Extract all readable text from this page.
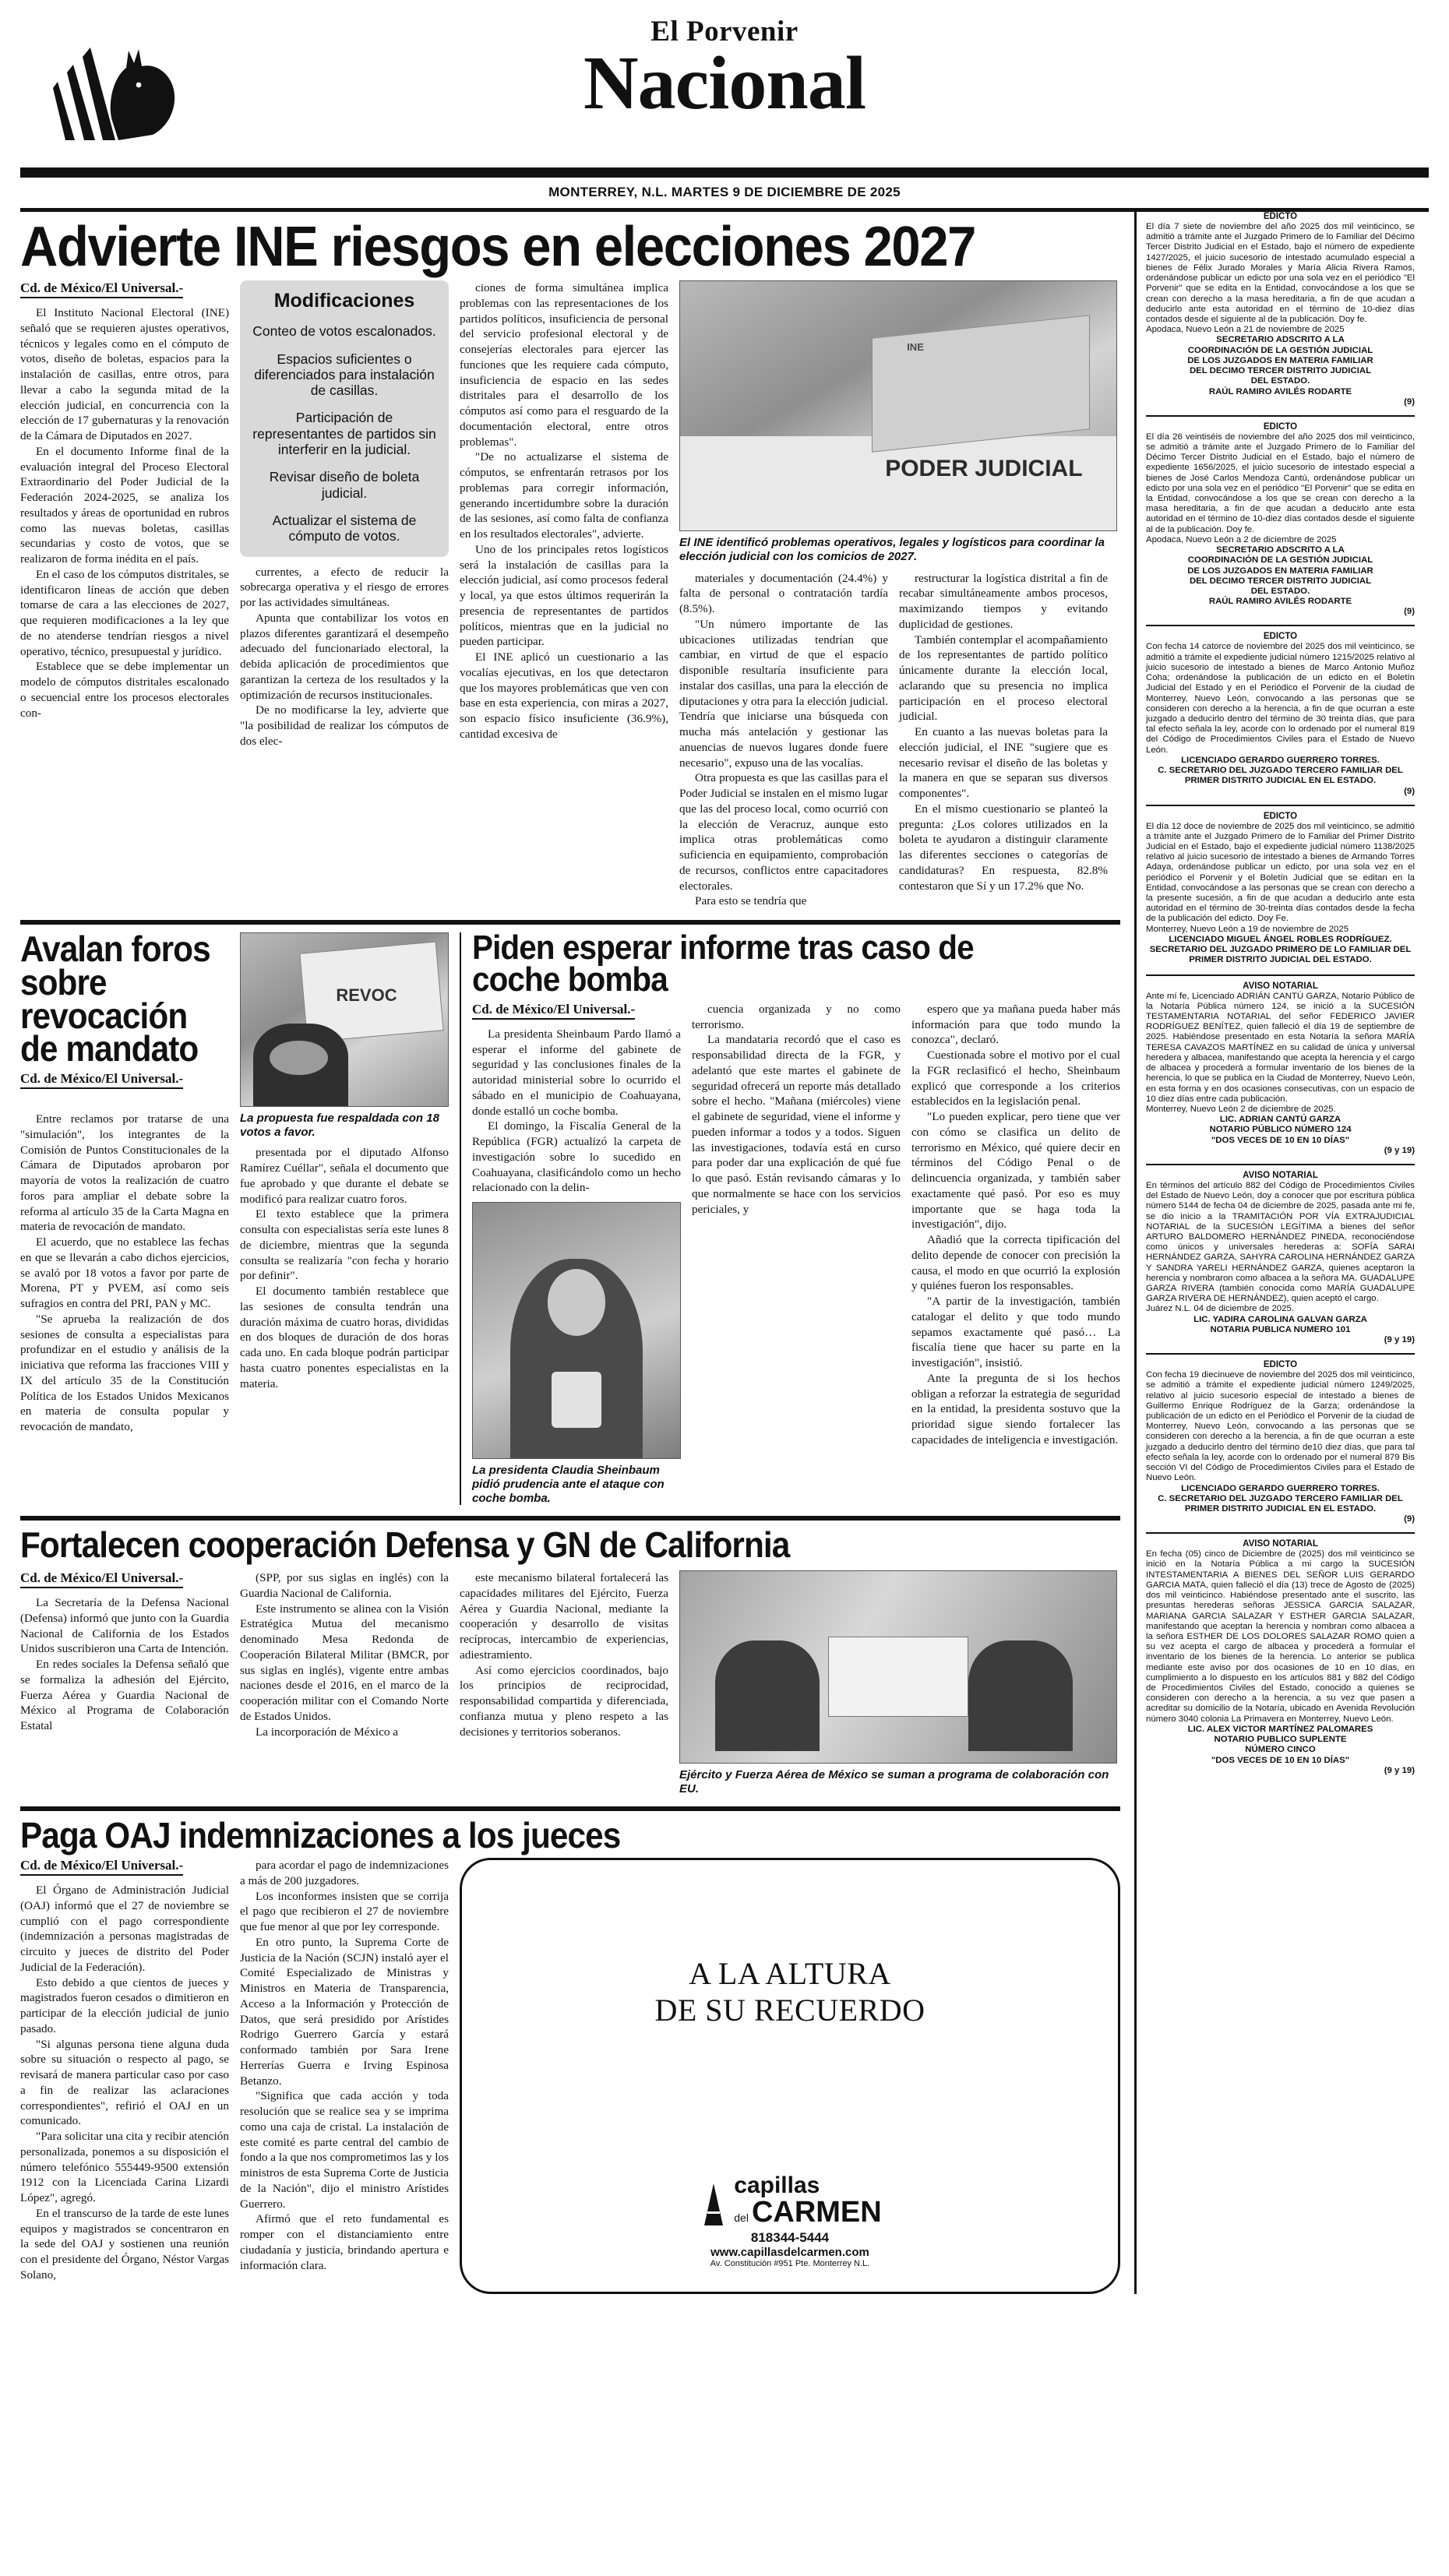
El Porvenir
Nacional
MONTERREY, N.L. MARTES 9 DE DICIEMBRE DE 2025
Advierte INE riesgos en elecciones 2027
Cd. de México/El Universal.-

El Instituto Nacional Electoral (INE) señaló que se requieren ajustes operativos, técnicos y legales como en el cómputo de votos, diseño de boletas, espacios para la instalación de casillas, entre otros, para llevar a cabo la segunda mitad de la elección judicial, en concurrencia con la elección de 17 gubernaturas y la renovación de la Cámara de Diputados en 2027.

En el documento Informe final de la evaluación integral del Proceso Electoral Extraordinario del Poder Judicial de la Federación 2024-2025, se analiza los resultados y áreas de oportunidad en rubros como las nuevas boletas, casillas secundarias y costo de votos, que se realizaron de forma inédita en el país.

En el caso de los cómputos distritales, se identificaron líneas de acción que deben tomarse de cara a las elecciones de 2027, que requieren modificaciones a la ley que de no atenderse tendrían riesgos a nivel operativo, técnico, presupuestal y jurídico.

Establece que se debe implementar un modelo de cómputos distritales escalonado o secuencial entre los procesos electorales con-

Modificaciones
Conteo de votos escalonados.
Espacios suficientes o diferenciados para instalación de casillas.
Participación de representantes de partidos sin interferir en la judicial.
Revisar diseño de boleta judicial.
Actualizar el sistema de cómputo de votos.

currentes, a efecto de reducir la sobrecarga operativa y el riesgo de errores por las actividades simultáneas.

Apunta que contabilizar los votos en plazos diferentes garantizará el desempeño adecuado del funcionariado electoral, la debida aplicación de procedimientos que garantizan la certeza de los resultados y la optimización de recursos institucionales.

De no modificarse la ley, advierte que "la posibilidad de realizar los cómputos de dos elec-

ciones de forma simultánea implica problemas con las representaciones de los partidos políticos, insuficiencia de personal del servicio profesional electoral y de consejerías electorales para ejercer las funciones que les requiere cada cómputo, insuficiencia de espacio en las sedes distritales para el desarrollo de los cómputos así como para el resguardo de la documentación electoral, entre otros problemas".

"De no actualizarse el sistema de cómputos, se enfrentarán retrasos por los problemas para corregir información, generando incertidumbre sobre la duración de las sesiones, así como falta de confianza en los resultados electorales", advierte.

Uno de los principales retos logísticos será la instalación de casillas para la elección judicial, así como procesos federal y local, ya que estos últimos requerirán la presencia de representantes de partidos políticos, mientras que en la judicial no pueden participar.

El INE aplicó un cuestionario a las vocalías ejecutivas, en los que detectaron que los mayores problemáticas que ven con base en esta experiencia, con miras a 2027, son espacio físico insuficiente (36.9%), cantidad excesiva de

PODER JUDICIAL
INE
El INE identificó problemas operativos, legales y logísticos para coordinar la elección judicial con los comicios de 2027.

materiales y documentación (24.4%) y falta de personal o contratación tardía (8.5%).

"Un número importante de las ubicaciones utilizadas tendrían que cambiar, en virtud de que el espacio disponible resultaría insuficiente para instalar dos casillas, una para la elección de diputaciones y otra para la elección judicial. Tendría que iniciarse una búsqueda con mucha más antelación y gestionar las anuencias de nuevos lugares donde fuere necesario", expuso una de las vocalías.

Otra propuesta es que las casillas para el Poder Judicial se instalen en el mismo lugar que las del proceso local, como ocurrió con la elección de Veracruz, aunque esto implica otras problemáticas como suficiencia en equipamiento, comprobación de recursos, conflictos entre capacitadores electorales.

Para esto se tendría que

restructurar la logística distrital a fin de recabar simultáneamente ambos procesos, maximizando tiempos y evitando duplicidad de gestiones.

También contemplar el acompañamiento de los representantes de partido político únicamente durante la elección local, aclarando que su presencia no implica participación en el proceso electoral judicial.

En cuanto a las nuevas boletas para la elección judicial, el INE "sugiere que es necesario revisar el diseño de las boletas y la manera en que se separan sus diversos componentes".

En el mismo cuestionario se planteó la pregunta: ¿Los colores utilizados en la boleta te ayudaron a distinguir claramente las diferentes secciones o categorías de candidaturas? En respuesta, 82.8% contestaron que Sí y un 17.2% que No.

Avalan foros sobre revocación de mandato
Cd. de México/El Universal.-
REVOC

Entre reclamos por tratarse de una "simulación", los integrantes de la Comisión de Puntos Constitucionales de la Cámara de Diputados aprobaron por mayoría de votos la realización de cuatro foros para ampliar el debate sobre la reforma al artículo 35 de la Carta Magna en materia de revocación de mandato.

El acuerdo, que no establece las fechas en que se llevarán a cabo dichos ejercicios, se avaló por 18 votos a favor por parte de Morena, PT y PVEM, así como seis sufragios en contra del PRI, PAN y MC.

"Se aprueba la realización de dos sesiones de consulta a especialistas para profundizar en el estudio y análisis de la iniciativa que reforma las fracciones VIII y IX del artículo 35 de la Constitución Política de los Estados Unidos Mexicanos en materia de consulta popular y revocación de mandato,

La propuesta fue respaldada con 18 votos a favor.

presentada por el diputado Alfonso Ramírez Cuéllar", señala el documento que fue aprobado y que durante el debate se modificó para realizar cuatro foros.

El texto establece que la primera consulta con especialistas sería este lunes 8 de diciembre, mientras que la segunda consulta se realizaría "con fecha y horario por definir".

El documento también restablece que las sesiones de consulta tendrán una duración máxima de cuatro horas, divididas en dos bloques de duración de dos horas cada uno. En cada bloque podrán participar hasta cuatro ponentes especialistas en la materia.

Piden esperar informe tras caso de coche bomba
Cd. de México/El Universal.-

La presidenta Sheinbaum Pardo llamó a esperar el informe del gabinete de seguridad y las conclusiones finales de la autoridad ministerial sobre lo ocurrido el sábado en el municipio de Coahuayana, donde estalló un coche bomba.

El domingo, la Fiscalía General de la República (FGR) actualizó la carpeta de investigación sobre lo sucedido en Coahuayana, clasificándolo como un hecho relacionado con la delin-

La presidenta Claudia Sheinbaum pidió prudencia ante el ataque con coche bomba.

cuencia organizada y no como terrorismo.

La mandataria recordó que el caso es responsabilidad directa de la FGR, y adelantó que este martes el gabinete de seguridad ofrecerá un reporte más detallado sobre el hecho. "Mañana (miércoles) viene el gabinete de seguridad, viene el informe y pueden informar a todos y a todos. Siguen las investigaciones, todavía está en curso para poder dar una explicación de qué fue lo que pasó. Están revisando cámaras y lo que normalmente se hace con los servicios periciales, y

espero que ya mañana pueda haber más información para que todo mundo la conozca", declaró.

Cuestionada sobre el motivo por el cual la FGR reclasificó el hecho, Sheinbaum explicó que corresponde a los criterios establecidos en la legislación penal.

"Lo pueden explicar, pero tiene que ver con cómo se clasifica un delito de terrorismo en México, qué quiere decir en términos del Código Penal o de delincuencia organizada, y también saber exactamente qué pasó. Por eso es muy importante que se haga toda la investigación", dijo.

Añadió que la correcta tipificación del delito depende de conocer con precisión la causa, el modo en que ocurrió la explosión y quiénes fueron los responsables.

"A partir de la investigación, también catalogar el delito y que todo mundo sepamos exactamente qué pasó… La fiscalía tiene que hacer su parte en la investigación", insistió.

Ante la pregunta de si los hechos obligan a reforzar la estrategia de seguridad en la entidad, la presidenta sostuvo que la prioridad sigue siendo fortalecer las capacidades de inteligencia e investigación.

Fortalecen cooperación Defensa y GN de California
Cd. de México/El Universal.-

La Secretaría de la Defensa Nacional (Defensa) informó que junto con la Guardia Nacional de California de los Estados Unidos suscribieron una Carta de Intención.

En redes sociales la Defensa señaló que se formaliza la adhesión del Ejército, Fuerza Aérea y Guardia Nacional de México al Programa de Colaboración Estatal

(SPP, por sus siglas en inglés) con la Guardia Nacional de California.

Este instrumento se alinea con la Visión Estratégica Mutua del mecanismo denominado Mesa Redonda de Cooperación Bilateral Militar (BMCR, por sus siglas en inglés), vigente entre ambas naciones desde el 2016, en el marco de la cooperación militar con el Comando Norte de Estados Unidos.

La incorporación de México a

este mecanismo bilateral fortalecerá las capacidades militares del Ejército, Fuerza Aérea y Guardia Nacional, mediante la cooperación y desarrollo de visitas recíprocas, intercambio de experiencias, adiestramiento.

Así como ejercicios coordinados, bajo los principios de reciprocidad, responsabilidad compartida y diferenciada, confianza mutua y pleno respeto a las decisiones y territorios soberanos.

Ejército y Fuerza Aérea de México se suman a programa de colaboración con EU.
Paga OAJ indemnizaciones a los jueces
Cd. de México/El Universal.-

El Órgano de Administración Judicial (OAJ) informó que el 27 de noviembre se cumplió con el pago correspondiente (indemnización a personas magistradas de circuito y jueces de distrito del Poder Judicial de la Federación).

Esto debido a que cientos de jueces y magistrados fueron cesados o dimitieron en participar de la elección judicial de junio pasado.

"Si algunas persona tiene alguna duda sobre su situación o respecto al pago, se revisará de manera particular caso por caso a fin de realizar las aclaraciones correspondientes", refirió el OAJ en un comunicado.

"Para solicitar una cita y recibir atención personalizada, ponemos a su disposición el número telefónico 555449-9500 extensión 1912 con la Licenciada Carina Lizardi López", agregó.

En el transcurso de la tarde de este lunes equipos y magistrados se concentraron en la sede del OAJ y sostienen una reunión con el presidente del Órgano, Néstor Vargas Solano,

para acordar el pago de indemnizaciones a más de 200 juzgadores.

Los inconformes insisten que se corrija el pago que recibieron el 27 de noviembre que fue menor al que por ley corresponde.

En otro punto, la Suprema Corte de Justicia de la Nación (SCJN) instaló ayer el Comité Especializado de Ministras y Ministros en Materia de Transparencia, Acceso a la Información y Protección de Datos, que será presidido por Arístides Rodrigo Guerrero García y estará conformado también por Sara Irene Herrerías Guerra e Irving Espinosa Betanzo.

"Significa que cada acción y toda resolución que se realice sea y se imprima como una caja de cristal. La instalación de este comité es parte central del cambio de fondo a la que nos comprometimos las y los ministros de esta Suprema Corte de Justicia de la Nación", dijo el ministro Arístides Guerrero.

Afirmó que el reto fundamental es romper con el distanciamiento entre ciudadanía y justicia, brindando apertura e información clara.

A LA ALTURA
DE SU RECUERDO
capillas
del CARMEN
818344-5444
www.capillasdelcarmen.com
Av. Constitución #951 Pte. Monterrey N.L.
EDICTO

El día 7 siete de noviembre del año 2025 dos mil veinticinco, se admitió a trámite ante el Juzgado Primero de lo Familiar del Décimo Tercer Distrito Judicial en el Estado, bajo el número de expediente 1427/2025, el juicio sucesorio de intestado acumulado especial a bienes de Félix Jurado Morales y María Alicia Rivera Ramos, ordenándose publicar un edicto por una sola vez en el periódico "El Porvenir" que se edita en la Entidad, convocándose a los que se crean con derecho a la masa hereditaria, a fin de que acudan a deducirlo ante esta autoridad en el término de 10-diez días contados desde el siguiente al de la publicación. Doy fe.

Apodaca, Nuevo León a 21 de noviembre de 2025

SECRETARIO ADSCRITO A LA

COORDINACIÓN DE LA GESTIÓN JUDICIAL

DE LOS JUZGADOS EN MATERIA FAMILIAR

DEL DECIMO TERCER DISTRITO JUDICIAL

DEL ESTADO.

RAÚL RAMIRO AVILÉS RODARTE

(9)

EDICTO

El día 26 veintiséis de noviembre del año 2025 dos mil veinticinco, se admitió a trámite ante el Juzgado Primero de lo Familiar del Décimo Tercer Distrito Judicial en el Estado, bajo el número de expediente 1656/2025, el juicio sucesorio de intestado especial a bienes de José Carlos Mendoza Cantú, ordenándose publicar un edicto por una sola vez en el periódico "El Porvenir" que se edita en la Entidad, convocándose a los que se crean con derecho a la masa hereditaria, a fin de que acudan a deducirlo ante esta autoridad en el término de 10-diez días contados desde el siguiente al de la publicación. Doy fe.

Apodaca, Nuevo León a 2 de diciembre de 2025

SECRETARIO ADSCRITO A LA

COORDINACIÓN DE LA GESTIÓN JUDICIAL

DE LOS JUZGADOS EN MATERIA FAMILIAR

DEL DECIMO TERCER DISTRITO JUDICIAL

DEL ESTADO.

RAÚL RAMIRO AVILÉS RODARTE

(9)

EDICTO

Con fecha 14 catorce de noviembre del 2025 dos mil veinticinco, se admitió a trámite el expediente judicial número 1215/2025 relativo al juicio sucesorio de intestado a bienes de Marco Antonio Muñoz Coha; ordenándose la publicación de un edicto en el Boletín Judicial del Estado y en el Periódico el Porvenir de la ciudad de Monterrey, Nuevo León, convocando a las personas que se consideren con derecho a la herencia, a fin de que ocurran a este juzgado a deducirlo dentro del término de 30 treinta días, que para tal efecto señala la ley, acorde con lo ordenado por el numeral 819 del Código de Procedimientos Civiles para el Estado de Nuevo León.

LICENCIADO GERARDO GUERRERO TORRES.

C. SECRETARIO DEL JUZGADO TERCERO FAMILIAR DEL PRIMER DISTRITO JUDICIAL EN EL ESTADO.

(9)

EDICTO

El día 12 doce de noviembre de 2025 dos mil veinticinco, se admitió a trámite ante el Juzgado Primero de lo Familiar del Primer Distrito Judicial en el Estado, bajo el expediente judicial número 1138/2025 relativo al juicio sucesorio de intestado a bienes de Armando Torres Adaya, ordenándose publicar un edicto, por una sola vez en el periódico el Porvenir y el Boletín Judicial que se editan en la Entidad, convocándose a las personas que se crean con derecho a la presente sucesión, a fin de que acudan a deducirlo ante esta autoridad en el término de 30-treinta días contados desde la fecha de la publicación del edicto. Doy Fe.

Monterrey, Nuevo León a 19 de noviembre de 2025

LICENCIADO MIGUEL ÁNGEL ROBLES RODRÍGUEZ.

SECRETARIO DEL JUZGADO PRIMERO DE LO FAMILIAR DEL PRIMER DISTRITO JUDICIAL DEL ESTADO.

AVISO NOTARIAL

Ante mí fe, Licenciado ADRIÁN CANTÚ GARZA, Notario Público de la Notaría Pública número 124, se inició a la SUCESIÓN TESTAMENTARIA NOTARIAL del señor FEDERICO JAVIER RODRÍGUEZ BENÍTEZ, quien falleció el día 19 de septiembre de 2025. Habiéndose presentado en esta Notaría la señora MARÍA TERESA CAVAZOS MARTÍNEZ en su calidad de única y universal heredera y albacea, manifestando que acepta la herencia y el cargo de albacea y procederá a formular inventario de los bienes de la herencia, lo que se publica en la Ciudad de Monterrey, Nuevo León, en esta forma y en dos ocasiones consecutivas, con un espacio de 10 diez días entre cada publicación.

Monterrey, Nuevo León 2 de diciembre de 2025.

LIC. ADRIAN CANTÚ GARZA

NOTARIO PÚBLICO NÚMERO 124

"DOS VECES DE 10 EN 10 DÍAS"

(9 y 19)

AVISO NOTARIAL

En términos del artículo 882 del Código de Procedimientos Civiles del Estado de Nuevo León, doy a conocer que por escritura pública número 5144 de fecha 04 de diciembre de 2025, pasada ante mi fe, se dio inicio a la TRAMITACIÓN POR VÍA EXTRAJUDICIAL NOTARIAL de la SUCESIÓN LEGÍTIMA a bienes del señor ARTURO BALDOMERO HERNÁNDEZ PINEDA, reconociéndose como únicos y universales herederas a: SOFÍA SARAI HERNÁNDEZ GARZA, SAHYRA CAROLINA HERNÁNDEZ GARZA Y SANDRA YARELI HERNÁNDEZ GARZA, quienes aceptaron la herencia y nombraron como albacea a la señora MA. GUADALUPE GARZA RIVERA (también conocida como MARÍA GUADALUPE GARZA RIVERA DE HERNÁNDEZ), quien aceptó el cargo.

Juárez N.L. 04 de diciembre de 2025.

LIC. YADIRA CAROLINA GALVAN GARZA

NOTARIA PUBLICA NUMERO 101

(9 y 19)

EDICTO

Con fecha 19 diecinueve de noviembre del 2025 dos mil veinticinco, se admitió a trámite el expediente judicial número 1249/2025, relativo al juicio sucesorio especial de intestado a bienes de Guillermo Enrique Rodríguez de la Garza; ordenándose la publicación de un edicto en el Periódico el Porvenir de la ciudad de Monterrey, Nuevo León, convocando a las personas que se consideren con derecho a la herencia, a fin de que ocurran a este juzgado a deducirlo dentro del término de10 diez días, que para tal efecto señala la ley, acorde con lo ordenado por el numeral 879 Bis sección VI del Código de Procedimientos Civiles para el Estado de Nuevo León.

LICENCIADO GERARDO GUERRERO TORRES.

C. SECRETARIO DEL JUZGADO TERCERO FAMILIAR DEL PRIMER DISTRITO JUDICIAL EN EL ESTADO.

(9)

AVISO NOTARIAL

En fecha (05) cinco de Diciembre de (2025) dos mil veinticinco se inició en la Notaría Pública a mi cargo la SUCESIÓN INTESTAMENTARIA A BIENES DEL SEÑOR LUIS GERARDO GARCIA MATA, quien falleció el día (13) trece de Agosto de (2025) dos mil veinticinco. Habiéndose presentado ante el suscrito, las presuntas herederas señoras JESSICA GARCIA SALAZAR, MARIANA GARCIA SALAZAR Y ESTHER GARCIA SALAZAR, manifestando que aceptan la herencia y nombran como albacea a la señora ESTHER DE LOS DOLORES SALAZAR ROMO quien a su vez acepta el cargo de albacea y procederá a formular el inventario de los bienes de la herencia. Lo anterior se publica mediante este aviso por dos ocasiones de 10 en 10 días, en cumplimiento a lo dispuesto en los artículos 881 y 882 del Código de Procedimientos Civiles del Estado, conocido a quienes se consideren con derecho a la herencia, a su vez que pasen a acreditar su domicilio de la Notaría, ubicado en Avenida Revolución número 3040 colonia La Primavera en Monterrey, Nuevo León.

LIC. ALEX VICTOR MARTÍNEZ PALOMARES

NOTARIO PUBLICO SUPLENTE

NÚMERO CINCO

"DOS VECES DE 10 EN 10 DÍAS"

(9 y 19)
